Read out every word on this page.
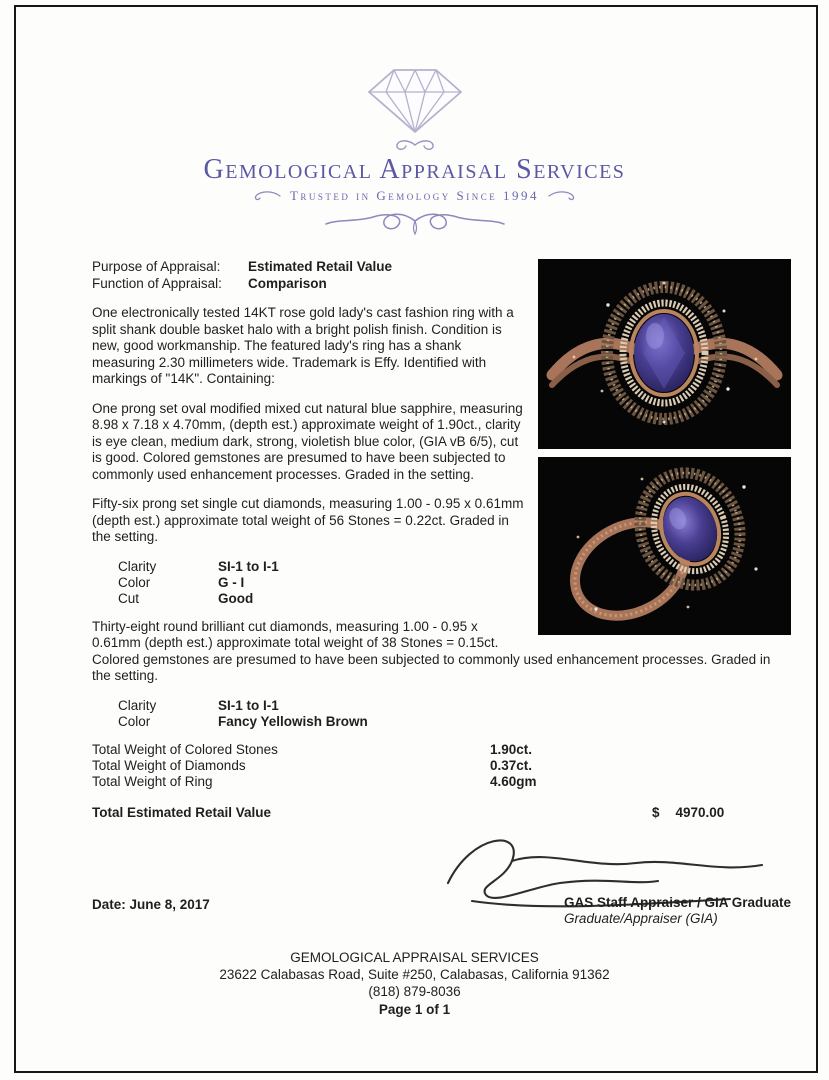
Gemological Appraisal Services
Trusted in Gemology Since 1994
Purpose of Appraisal: Estimated Retail Value
Function of Appraisal: Comparison

One electronically tested 14KT rose gold lady's cast fashion ring with a split shank double basket halo with a bright polish finish. Condition is new, good workmanship. The featured lady's ring has a shank measuring 2.30 millimeters wide. Trademark is Effy. Identified with markings of "14K". Containing:

One prong set oval modified mixed cut natural blue sapphire, measuring 8.98 x 7.18 x 4.70mm, (depth est.) approximate weight of 1.90ct., clarity is eye clean, medium dark, strong, violetish blue color, (GIA vB 6/5), cut is good. Colored gemstones are presumed to have been subjected to commonly used enhancement processes. Graded in the setting.

Fifty-six prong set single cut diamonds, measuring 1.00 - 0.95 x 0.61mm (depth est.) approximate total weight of 56 Stones = 0.22ct. Graded in the setting.

Clarity	SI-1 to I-1
Color	G - I
Cut	Good

Thirty-eight round brilliant cut diamonds, measuring 1.00 - 0.95 x 0.61mm (depth est.) approximate total weight of 38 Stones = 0.15ct. Colored gemstones are presumed to have been subjected to commonly used enhancement processes. Graded in the setting.

Clarity	SI-1 to I-1
Color	Fancy Yellowish Brown
Total Weight of Colored Stones	1.90ct.
Total Weight of Diamonds	0.37ct.
Total Weight of Ring	4.60gm
Total Estimated Retail Value	$ 4970.00
Date: June 8, 2017	GAS Staff Appraiser / GIA Graduate
Graduate/Appraiser (GIA)
GEMOLOGICAL APPRAISAL SERVICES
23622 Calabasas Road, Suite #250, Calabasas, California 91362
(818) 879-8036
Page 1 of 1
